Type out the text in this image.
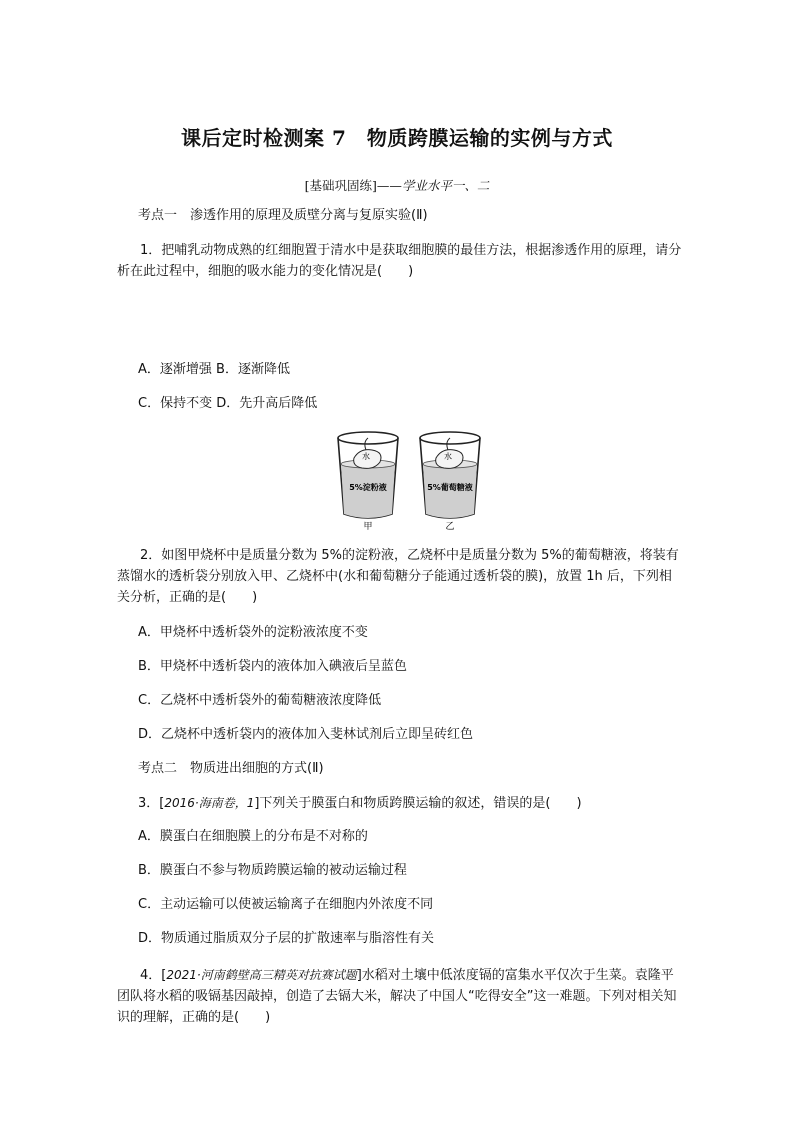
课后定时检测案 7　物质跨膜运输的实例与方式
[基础巩固练]——学业水平一、二
考点一　渗透作用的原理及质壁分离与复原实验(Ⅱ)
1．把哺乳动物成熟的红细胞置于清水中是获取细胞膜的最佳方法，根据渗透作用的原理，请分析在此过程中，细胞的吸水能力的变化情况是(　　)
A．逐渐增强 B．逐渐降低
C．保持不变 D．先升高后降低
水
5%淀粉液
甲
水
5%葡萄糖液
乙
2．如图甲烧杯中是质量分数为 5%的淀粉液，乙烧杯中是质量分数为 5%的葡萄糖液，将装有蒸馏水的透析袋分别放入甲、乙烧杯中(水和葡萄糖分子能通过透析袋的膜)，放置 1h 后，下列相关分析，正确的是(　　)
A．甲烧杯中透析袋外的淀粉液浓度不变
B．甲烧杯中透析袋内的液体加入碘液后呈蓝色
C．乙烧杯中透析袋外的葡萄糖液浓度降低
D．乙烧杯中透析袋内的液体加入斐林试剂后立即呈砖红色
考点二　物质进出细胞的方式(Ⅱ)
3．[2016·海南卷，1]下列关于膜蛋白和物质跨膜运输的叙述，错误的是(　　)
A．膜蛋白在细胞膜上的分布是不对称的
B．膜蛋白不参与物质跨膜运输的被动运输过程
C．主动运输可以使被运输离子在细胞内外浓度不同
D．物质通过脂质双分子层的扩散速率与脂溶性有关
4．[2021·河南鹤壁高三精英对抗赛试题]水稻对土壤中低浓度镉的富集水平仅次于生菜。袁隆平团队将水稻的吸镉基因敲掉，创造了去镉大米，解决了中国人“吃得安全”这一难题。下列对相关知识的理解，正确的是(　　)
